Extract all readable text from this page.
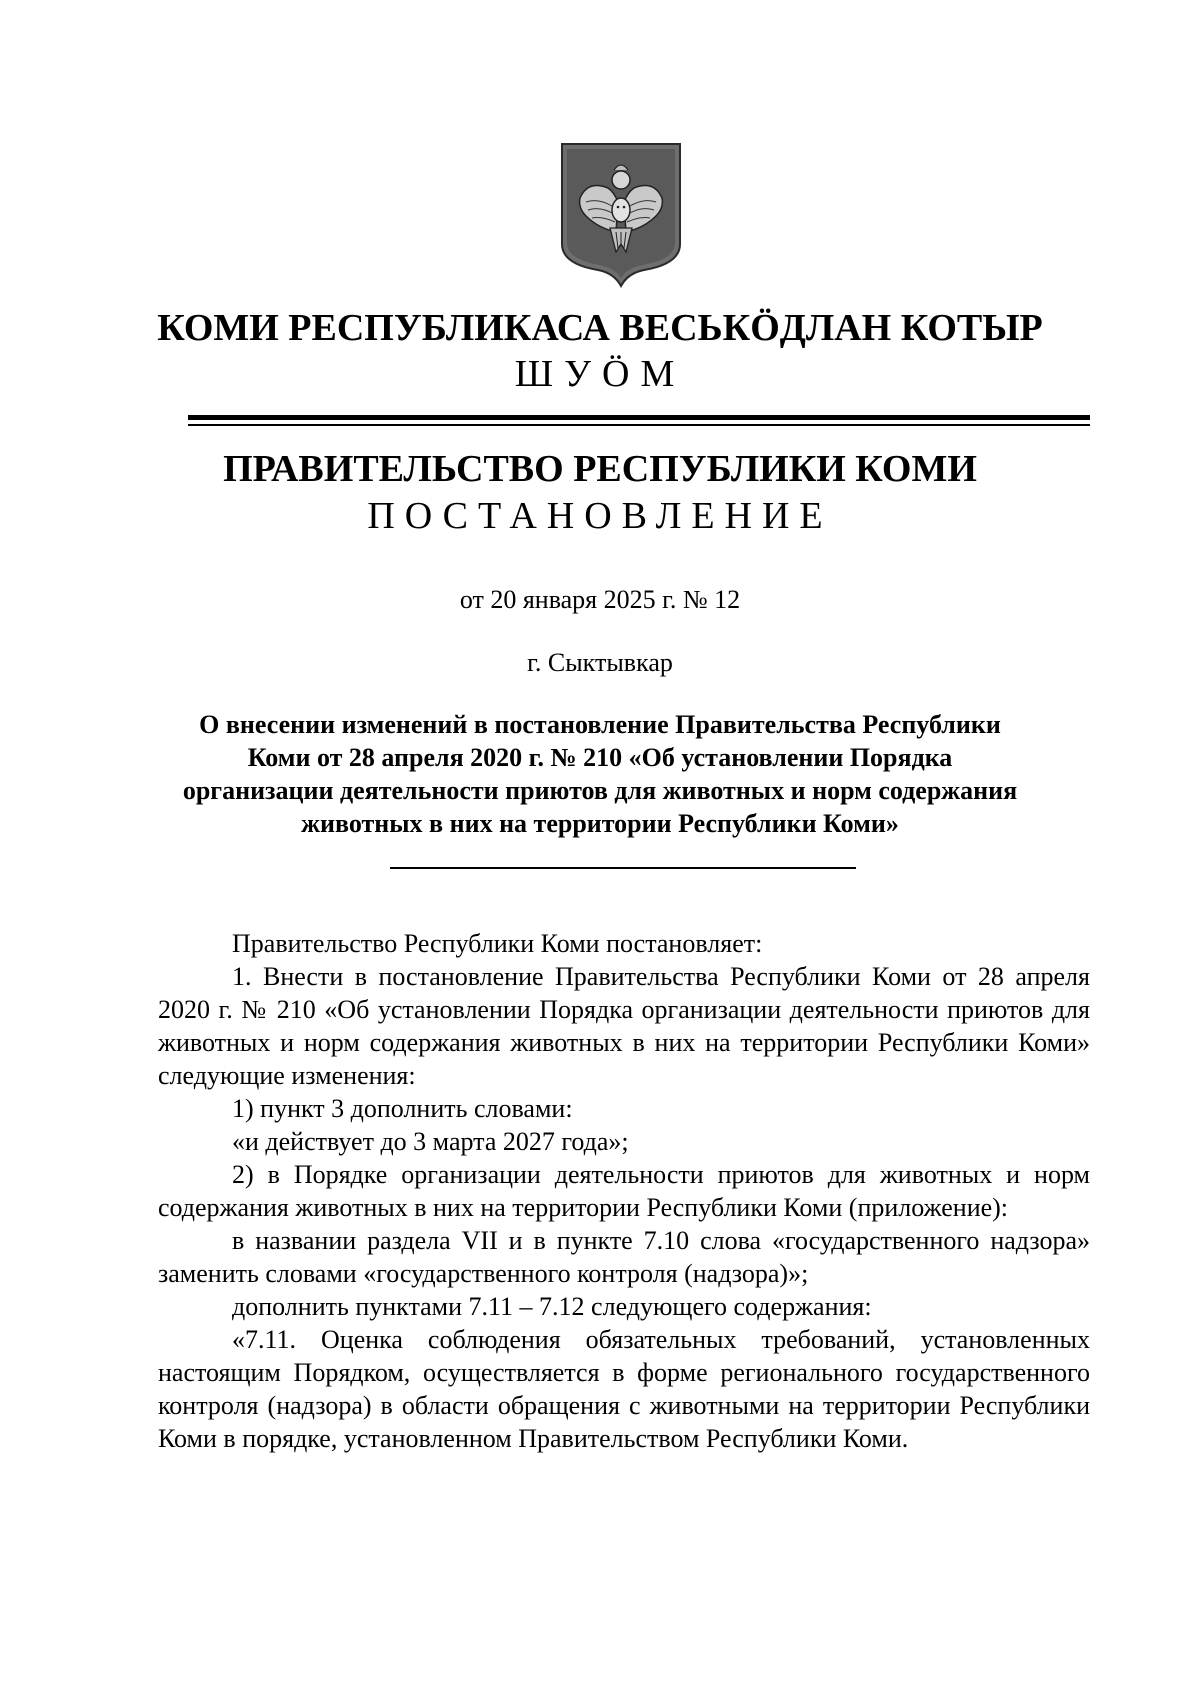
КОМИ РЕСПУБЛИКАСА ВЕСЬКӦДЛАН КОТЫР
ШУӦМ
ПРАВИТЕЛЬСТВО РЕСПУБЛИКИ КОМИ
ПОСТАНОВЛЕНИЕ
от 20 января 2025 г. № 12
г. Сыктывкар
О внесении изменений в постановление Правительства Республики
Коми от 28 апреля 2020 г. № 210 «Об установлении Порядка
организации деятельности приютов для животных и норм содержания
животных в них на территории Республики Коми»

Правительство Республики Коми постановляет:

1. Внести в постановление Правительства Республики Коми от 28 апреля 2020 г. № 210 «Об установлении Порядка организации деятельности приютов для животных и норм содержания животных в них на территории Республики Коми» следующие изменения:

1) пункт 3 дополнить словами:

«и действует до 3 марта 2027 года»;

2) в Порядке организации деятельности приютов для животных и норм содержания животных в них на территории Республики Коми (приложение):

в названии раздела VII и в пункте 7.10 слова «государственного надзора» заменить словами «государственного контроля (надзора)»;

дополнить пунктами 7.11 – 7.12 следующего содержания:

«7.11. Оценка соблюдения обязательных требований, установленных настоящим Порядком, осуществляется в форме регионального государственного контроля (надзора) в области обращения с животными на территории Республики Коми в порядке, установленном Правительством Республики Коми.
